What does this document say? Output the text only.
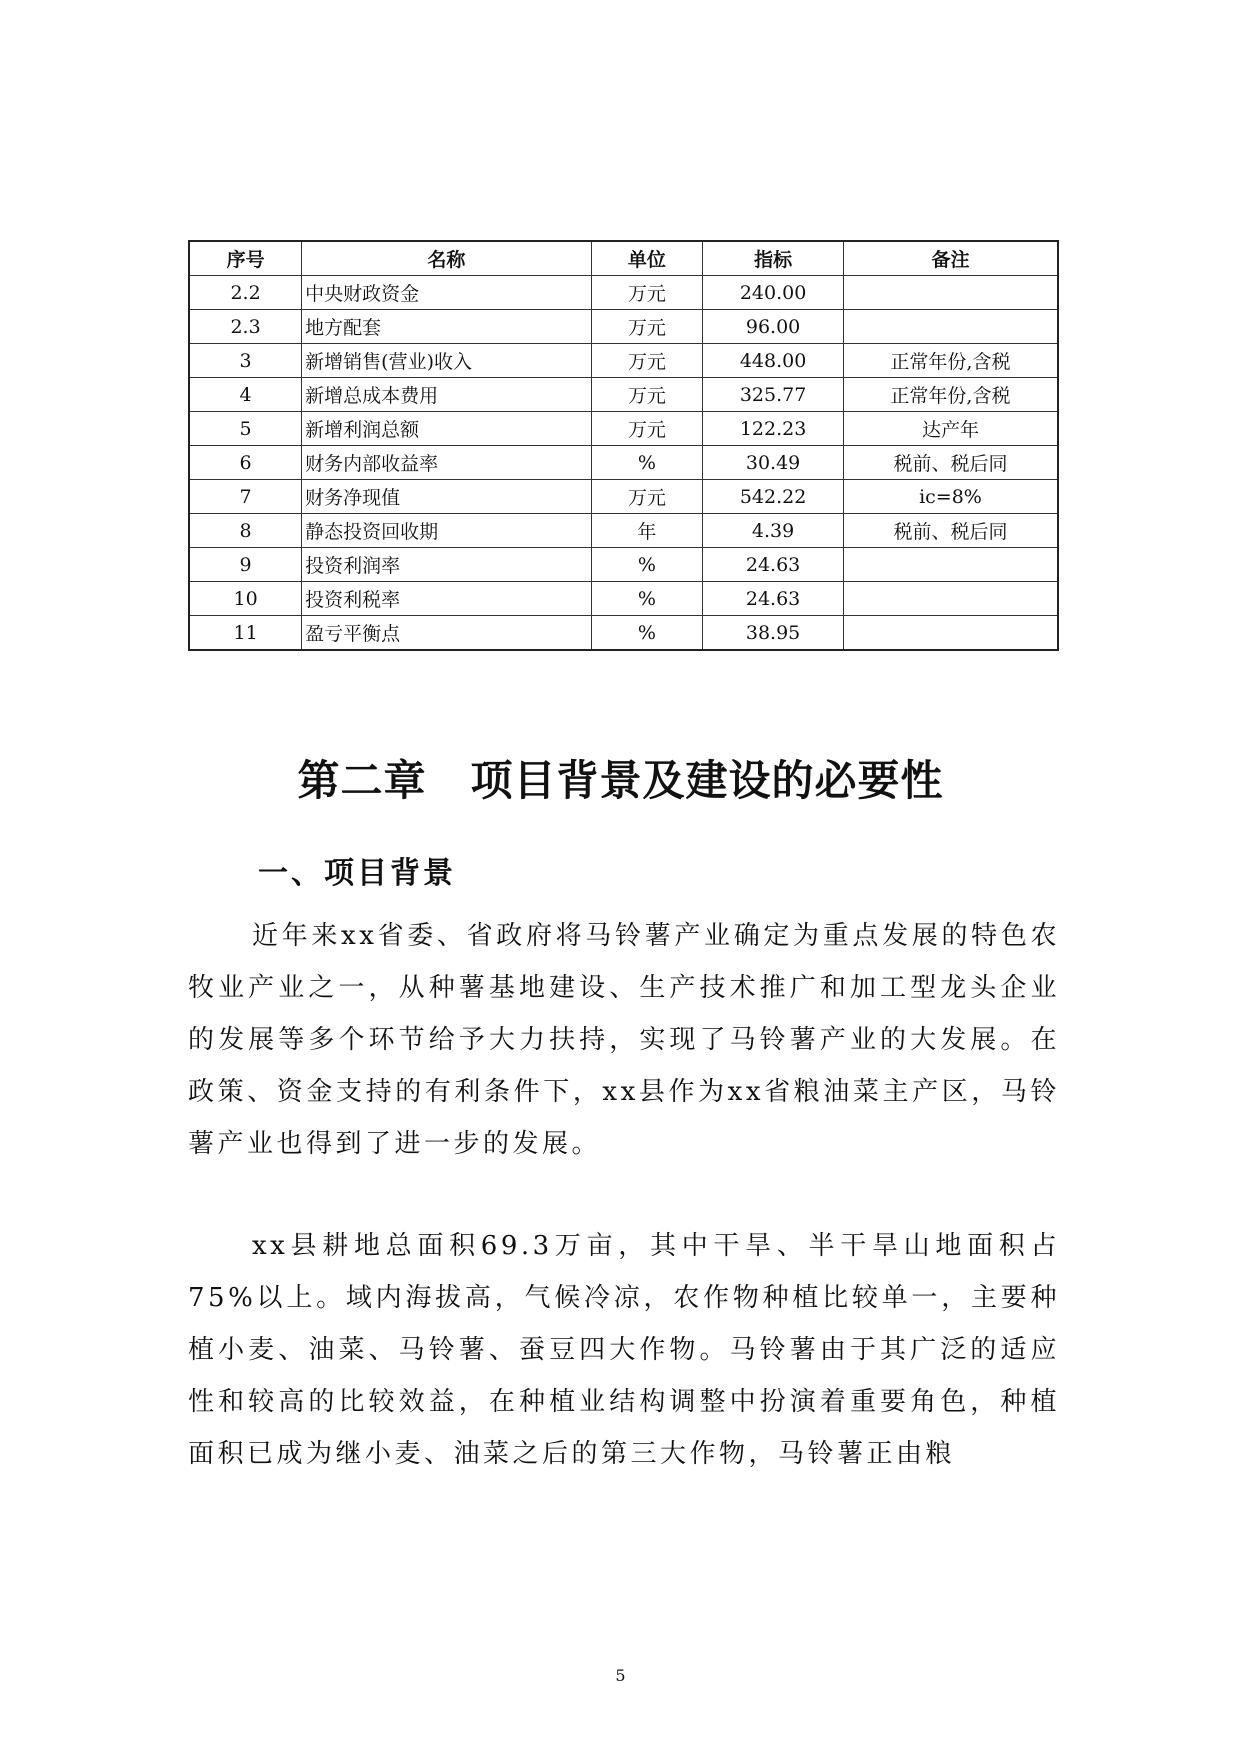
序号	名称	单位	指标	备注
2.2	中央财政资金	万元	240.00	
2.3	地方配套	万元	96.00	
3	新增销售(营业)收入	万元	448.00	正常年份,含税
4	新增总成本费用	万元	325.77	正常年份,含税
5	新增利润总额	万元	122.23	达产年
6	财务内部收益率	%	30.49	税前、税后同
7	财务净现值	万元	542.22	ic=8%
8	静态投资回收期	年	4.39	税前、税后同
9	投资利润率	%	24.63	
10	投资利税率	%	24.63	
11	盈亏平衡点	%	38.95	
第二章 项目背景及建设的必要性
一、项目背景

近年来xx省委、省政府将马铃薯产业确定为重点发展的特色农牧业产业之一，从种薯基地建设、生产技术推广和加工型龙头企业的发展等多个环节给予大力扶持，实现了马铃薯产业的大发展。在政策、资金支持的有利条件下，xx县作为xx省粮油菜主产区，马铃薯产业也得到了进一步的发展。

xx县耕地总面积69.3万亩，其中干旱、半干旱山地面积占75%以上。域内海拔高，气候冷凉，农作物种植比较单一，主要种植小麦、油菜、马铃薯、蚕豆四大作物。马铃薯由于其广泛的适应性和较高的比较效益，在种植业结构调整中扮演着重要角色，种植面积已成为继小麦、油菜之后的第三大作物，马铃薯正由粮

5
